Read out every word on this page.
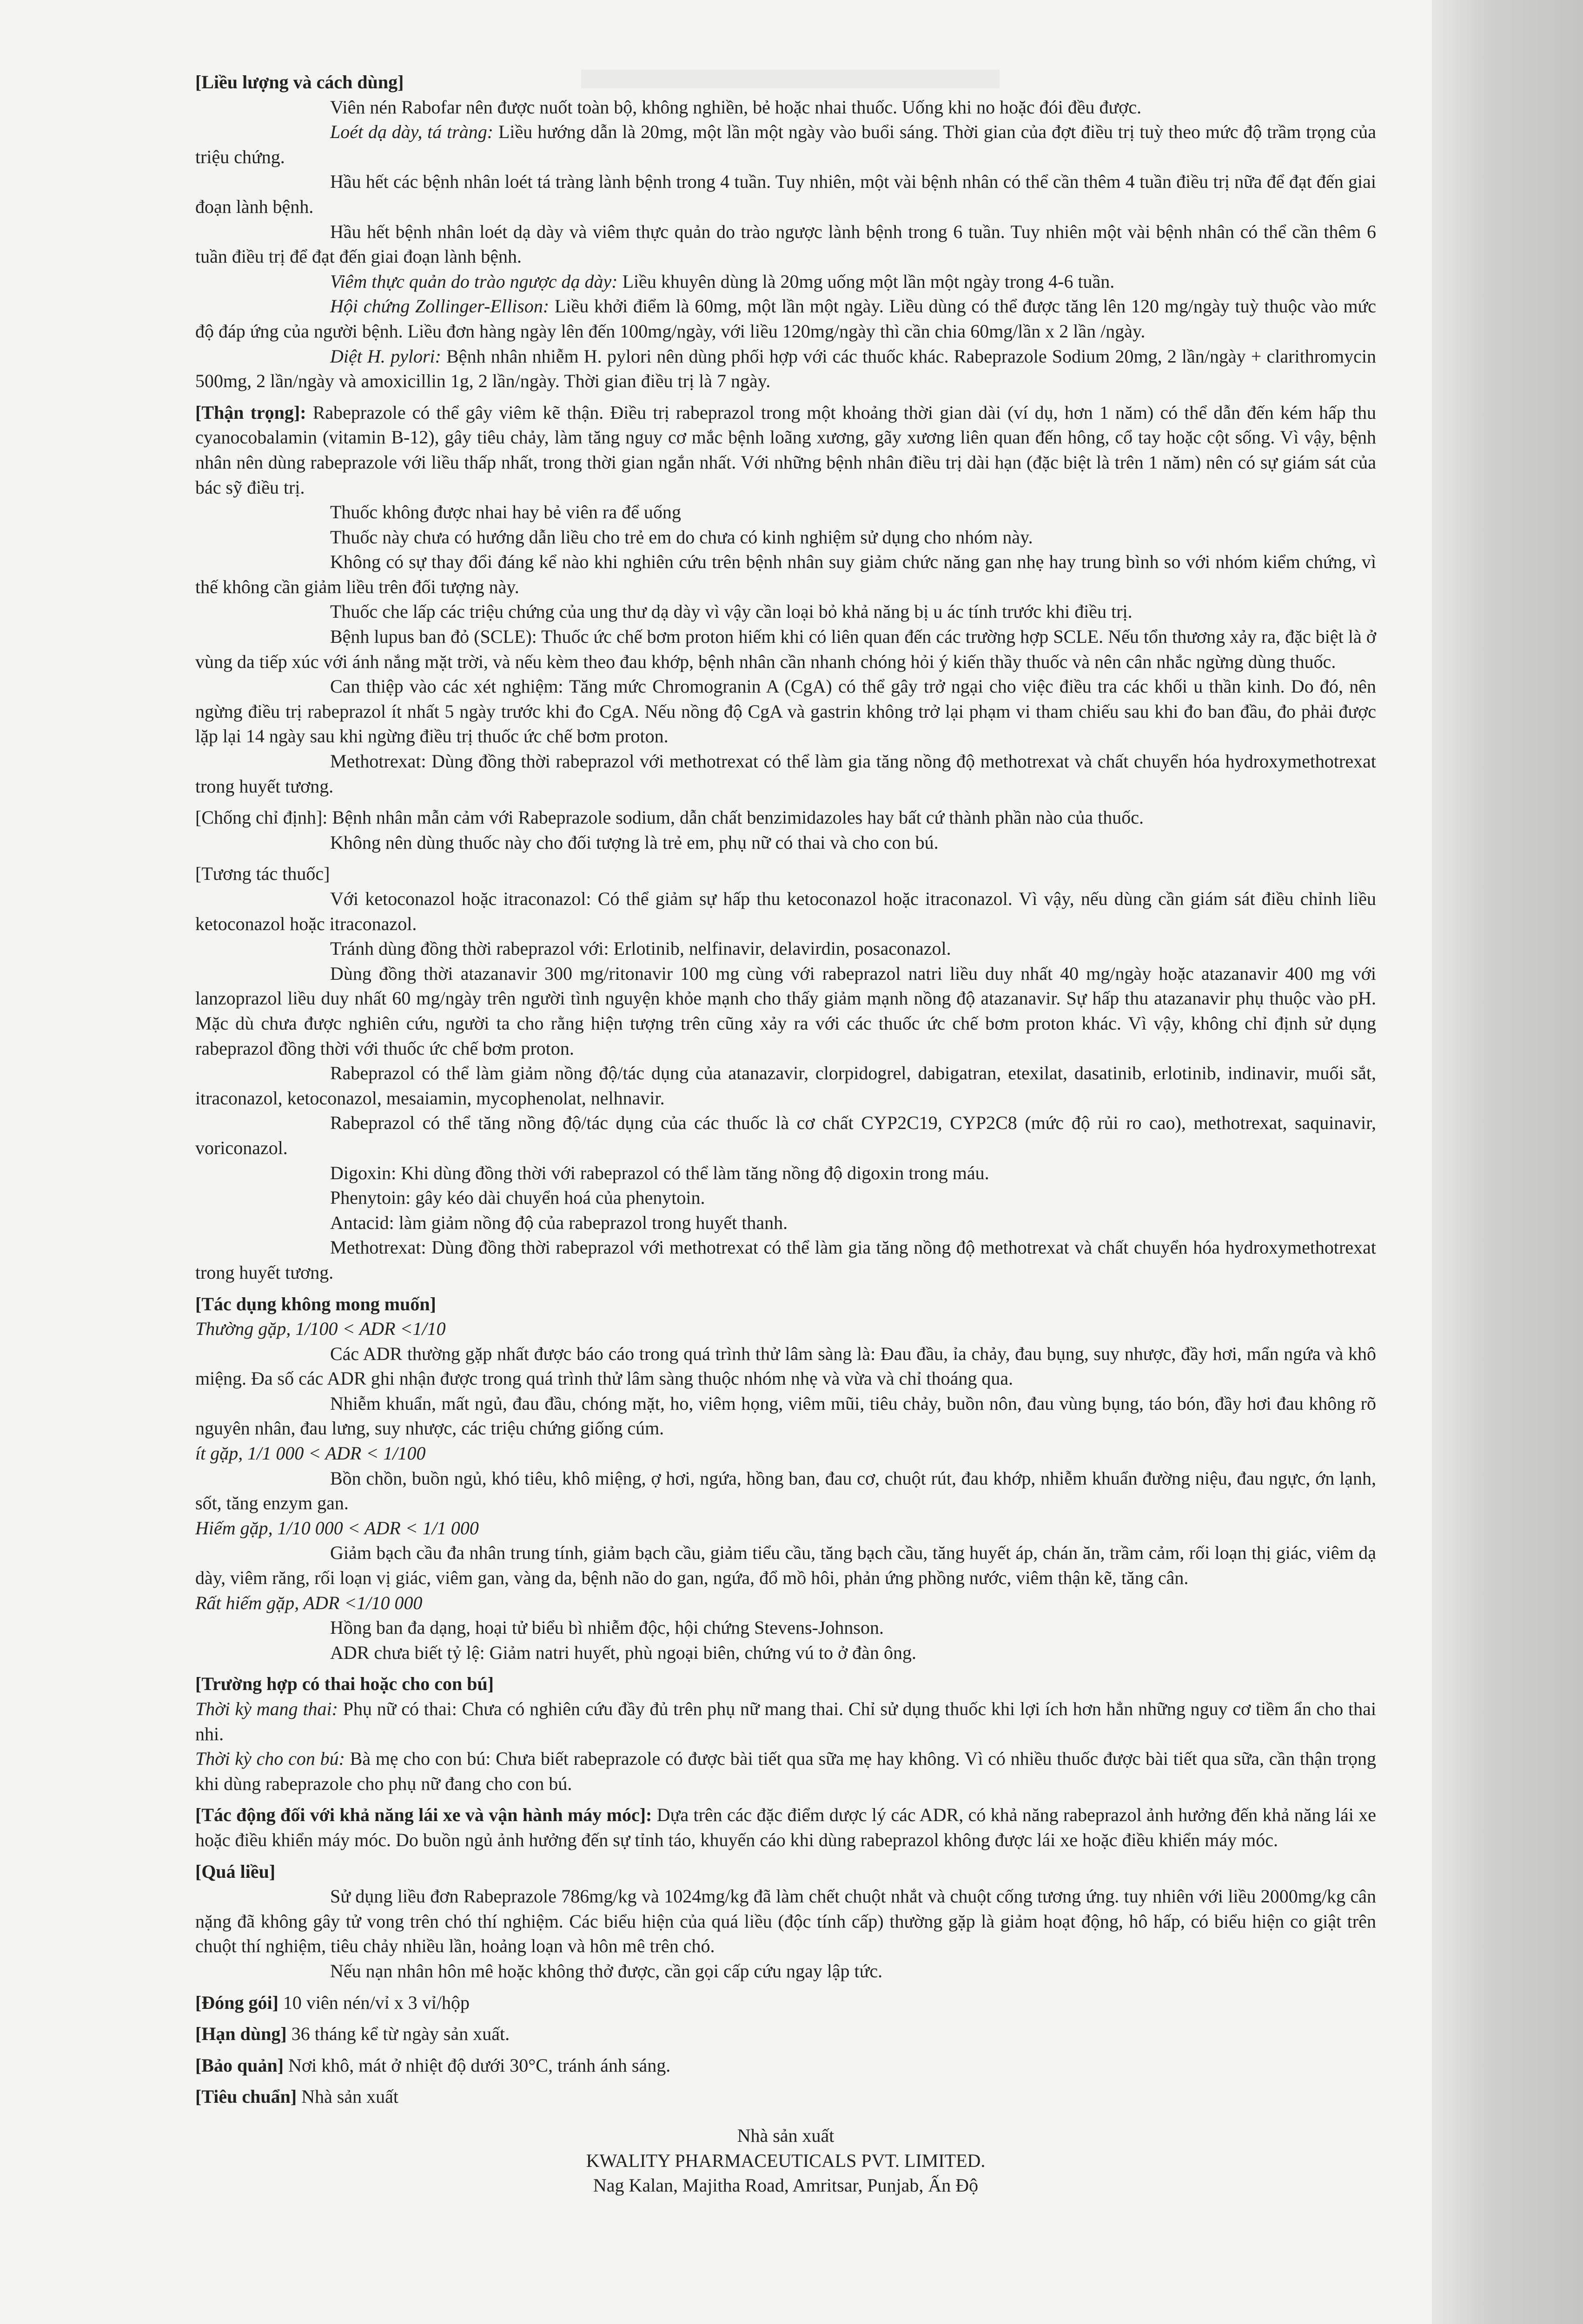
[Liều lượng và cách dùng]

Viên nén Rabofar nên được nuốt toàn bộ, không nghiền, bẻ hoặc nhai thuốc. Uống khi no hoặc đói đều được.

Loét dạ dày, tá tràng: Liều hướng dẫn là 20mg, một lần một ngày vào buổi sáng. Thời gian của đợt điều trị tuỳ theo mức độ trầm trọng của triệu chứng.

Hầu hết các bệnh nhân loét tá tràng lành bệnh trong 4 tuần. Tuy nhiên, một vài bệnh nhân có thể cần thêm 4 tuần điều trị nữa để đạt đến giai đoạn lành bệnh.

Hầu hết bệnh nhân loét dạ dày và viêm thực quản do trào ngược lành bệnh trong 6 tuần. Tuy nhiên một vài bệnh nhân có thể cần thêm 6 tuần điều trị để đạt đến giai đoạn lành bệnh.

Viêm thực quản do trào ngược dạ dày: Liều khuyên dùng là 20mg uống một lần một ngày trong 4-6 tuần.

Hội chứng Zollinger-Ellison: Liều khởi điểm là 60mg, một lần một ngày. Liều dùng có thể được tăng lên 120 mg/ngày tuỳ thuộc vào mức độ đáp ứng của người bệnh. Liều đơn hàng ngày lên đến 100mg/ngày, với liều 120mg/ngày thì cần chia 60mg/lần x 2 lần /ngày.

Diệt H. pylori: Bệnh nhân nhiễm H. pylori nên dùng phối hợp với các thuốc khác. Rabeprazole Sodium 20mg, 2 lần/ngày + clarithromycin 500mg, 2 lần/ngày và amoxicillin 1g, 2 lần/ngày. Thời gian điều trị là 7 ngày.

[Thận trọng]: Rabeprazole có thể gây viêm kẽ thận. Điều trị rabeprazol trong một khoảng thời gian dài (ví dụ, hơn 1 năm) có thể dẫn đến kém hấp thu cyanocobalamin (vitamin B-12), gây tiêu chảy, làm tăng nguy cơ mắc bệnh loãng xương, gãy xương liên quan đến hông, cổ tay hoặc cột sống. Vì vậy, bệnh nhân nên dùng rabeprazole với liều thấp nhất, trong thời gian ngắn nhất. Với những bệnh nhân điều trị dài hạn (đặc biệt là trên 1 năm) nên có sự giám sát của bác sỹ điều trị.

Thuốc không được nhai hay bẻ viên ra để uống

Thuốc này chưa có hướng dẫn liều cho trẻ em do chưa có kinh nghiệm sử dụng cho nhóm này.

Không có sự thay đổi đáng kể nào khi nghiên cứu trên bệnh nhân suy giảm chức năng gan nhẹ hay trung bình so với nhóm kiểm chứng, vì thế không cần giảm liều trên đối tượng này.

Thuốc che lấp các triệu chứng của ung thư dạ dày vì vậy cần loại bỏ khả năng bị u ác tính trước khi điều trị.

Bệnh lupus ban đỏ (SCLE): Thuốc ức chế bơm proton hiếm khi có liên quan đến các trường hợp SCLE. Nếu tổn thương xảy ra, đặc biệt là ở vùng da tiếp xúc với ánh nắng mặt trời, và nếu kèm theo đau khớp, bệnh nhân cần nhanh chóng hỏi ý kiến thầy thuốc và nên cân nhắc ngừng dùng thuốc.

Can thiệp vào các xét nghiệm: Tăng mức Chromogranin A (CgA) có thể gây trở ngại cho việc điều tra các khối u thần kinh. Do đó, nên ngừng điều trị rabeprazol ít nhất 5 ngày trước khi đo CgA. Nếu nồng độ CgA và gastrin không trở lại phạm vi tham chiếu sau khi đo ban đầu, đo phải được lặp lại 14 ngày sau khi ngừng điều trị thuốc ức chế bơm proton.

Methotrexat: Dùng đồng thời rabeprazol với methotrexat có thể làm gia tăng nồng độ methotrexat và chất chuyển hóa hydroxymethotrexat trong huyết tương.

[Chống chỉ định]: Bệnh nhân mẫn cảm với Rabeprazole sodium, dẫn chất benzimidazoles hay bất cứ thành phần nào của thuốc.

Không nên dùng thuốc này cho đối tượng là trẻ em, phụ nữ có thai và cho con bú.

[Tương tác thuốc]

Với ketoconazol hoặc itraconazol: Có thể giảm sự hấp thu ketoconazol hoặc itraconazol. Vì vậy, nếu dùng cần giám sát điều chỉnh liều ketoconazol hoặc itraconazol.

Tránh dùng đồng thời rabeprazol với: Erlotinib, nelfinavir, delavirdin, posaconazol.

Dùng đồng thời atazanavir 300 mg/ritonavir 100 mg cùng với rabeprazol natri liều duy nhất 40 mg/ngày hoặc atazanavir 400 mg với lanzoprazol liều duy nhất 60 mg/ngày trên người tình nguyện khỏe mạnh cho thấy giảm mạnh nồng độ atazanavir. Sự hấp thu atazanavir phụ thuộc vào pH. Mặc dù chưa được nghiên cứu, người ta cho rằng hiện tượng trên cũng xảy ra với các thuốc ức chế bơm proton khác. Vì vậy, không chỉ định sử dụng rabeprazol đồng thời với thuốc ức chế bơm proton.

Rabeprazol có thể làm giảm nồng độ/tác dụng của atanazavir, clorpidogrel, dabigatran, etexilat, dasatinib, erlotinib, indinavir, muối sắt, itraconazol, ketoconazol, mesaiamin, mycophenolat, nelhnavir.

Rabeprazol có thể tăng nồng độ/tác dụng của các thuốc là cơ chất CYP2C19, CYP2C8 (mức độ rủi ro cao), methotrexat, saquinavir, voriconazol.

Digoxin: Khi dùng đồng thời với rabeprazol có thể làm tăng nồng độ digoxin trong máu.

Phenytoin: gây kéo dài chuyển hoá của phenytoin.

Antacid: làm giảm nồng độ của rabeprazol trong huyết thanh.

Methotrexat: Dùng đồng thời rabeprazol với methotrexat có thể làm gia tăng nồng độ methotrexat và chất chuyển hóa hydroxymethotrexat trong huyết tương.

[Tác dụng không mong muốn]

Thường gặp, 1/100 < ADR <1/10

Các ADR thường gặp nhất được báo cáo trong quá trình thử lâm sàng là: Đau đầu, ỉa chảy, đau bụng, suy nhược, đầy hơi, mẩn ngứa và khô miệng. Đa số các ADR ghi nhận được trong quá trình thử lâm sàng thuộc nhóm nhẹ và vừa và chỉ thoáng qua.

Nhiễm khuẩn, mất ngủ, đau đầu, chóng mặt, ho, viêm họng, viêm mũi, tiêu chảy, buồn nôn, đau vùng bụng, táo bón, đầy hơi đau không rõ nguyên nhân, đau lưng, suy nhược, các triệu chứng giống cúm.

ít gặp, 1/1 000 < ADR < 1/100

Bồn chồn, buồn ngủ, khó tiêu, khô miệng, ợ hơi, ngứa, hồng ban, đau cơ, chuột rút, đau khớp, nhiễm khuẩn đường niệu, đau ngực, ớn lạnh, sốt, tăng enzym gan.

Hiếm gặp, 1/10 000 < ADR < 1/1 000

Giảm bạch cầu đa nhân trung tính, giảm bạch cầu, giảm tiểu cầu, tăng bạch cầu, tăng huyết áp, chán ăn, trầm cảm, rối loạn thị giác, viêm dạ dày, viêm răng, rối loạn vị giác, viêm gan, vàng da, bệnh não do gan, ngứa, đổ mồ hôi, phản ứng phồng nước, viêm thận kẽ, tăng cân.

Rất hiếm gặp, ADR <1/10 000

Hồng ban đa dạng, hoại tử biểu bì nhiễm độc, hội chứng Stevens-Johnson.

ADR chưa biết tỷ lệ: Giảm natri huyết, phù ngoại biên, chứng vú to ở đàn ông.

[Trường hợp có thai hoặc cho con bú]

Thời kỳ mang thai: Phụ nữ có thai: Chưa có nghiên cứu đầy đủ trên phụ nữ mang thai. Chỉ sử dụng thuốc khi lợi ích hơn hẳn những nguy cơ tiềm ẩn cho thai nhi.

Thời kỳ cho con bú: Bà mẹ cho con bú: Chưa biết rabeprazole có được bài tiết qua sữa mẹ hay không. Vì có nhiều thuốc được bài tiết qua sữa, cần thận trọng khi dùng rabeprazole cho phụ nữ đang cho con bú.

[Tác động đối với khả năng lái xe và vận hành máy móc]: Dựa trên các đặc điểm dược lý các ADR, có khả năng rabeprazol ảnh hưởng đến khả năng lái xe hoặc điều khiển máy móc. Do buồn ngủ ảnh hưởng đến sự tỉnh táo, khuyến cáo khi dùng rabeprazol không được lái xe hoặc điều khiển máy móc.

[Quá liều]

Sử dụng liều đơn Rabeprazole 786mg/kg và 1024mg/kg đã làm chết chuột nhắt và chuột cống tương ứng. tuy nhiên với liều 2000mg/kg cân nặng đã không gây tử vong trên chó thí nghiệm. Các biểu hiện của quá liều (độc tính cấp) thường gặp là giảm hoạt động, hô hấp, có biểu hiện co giật trên chuột thí nghiệm, tiêu chảy nhiều lần, hoảng loạn và hôn mê trên chó.

Nếu nạn nhân hôn mê hoặc không thở được, cần gọi cấp cứu ngay lập tức.

[Đóng gói] 10 viên nén/vỉ x 3 vỉ/hộp

[Hạn dùng] 36 tháng kể từ ngày sản xuất.

[Bảo quản] Nơi khô, mát ở nhiệt độ dưới 30°C, tránh ánh sáng.

[Tiêu chuẩn] Nhà sản xuất

Nhà sản xuất

KWALITY PHARMACEUTICALS PVT. LIMITED.

Nag Kalan, Majitha Road, Amritsar, Punjab, Ấn Độ
